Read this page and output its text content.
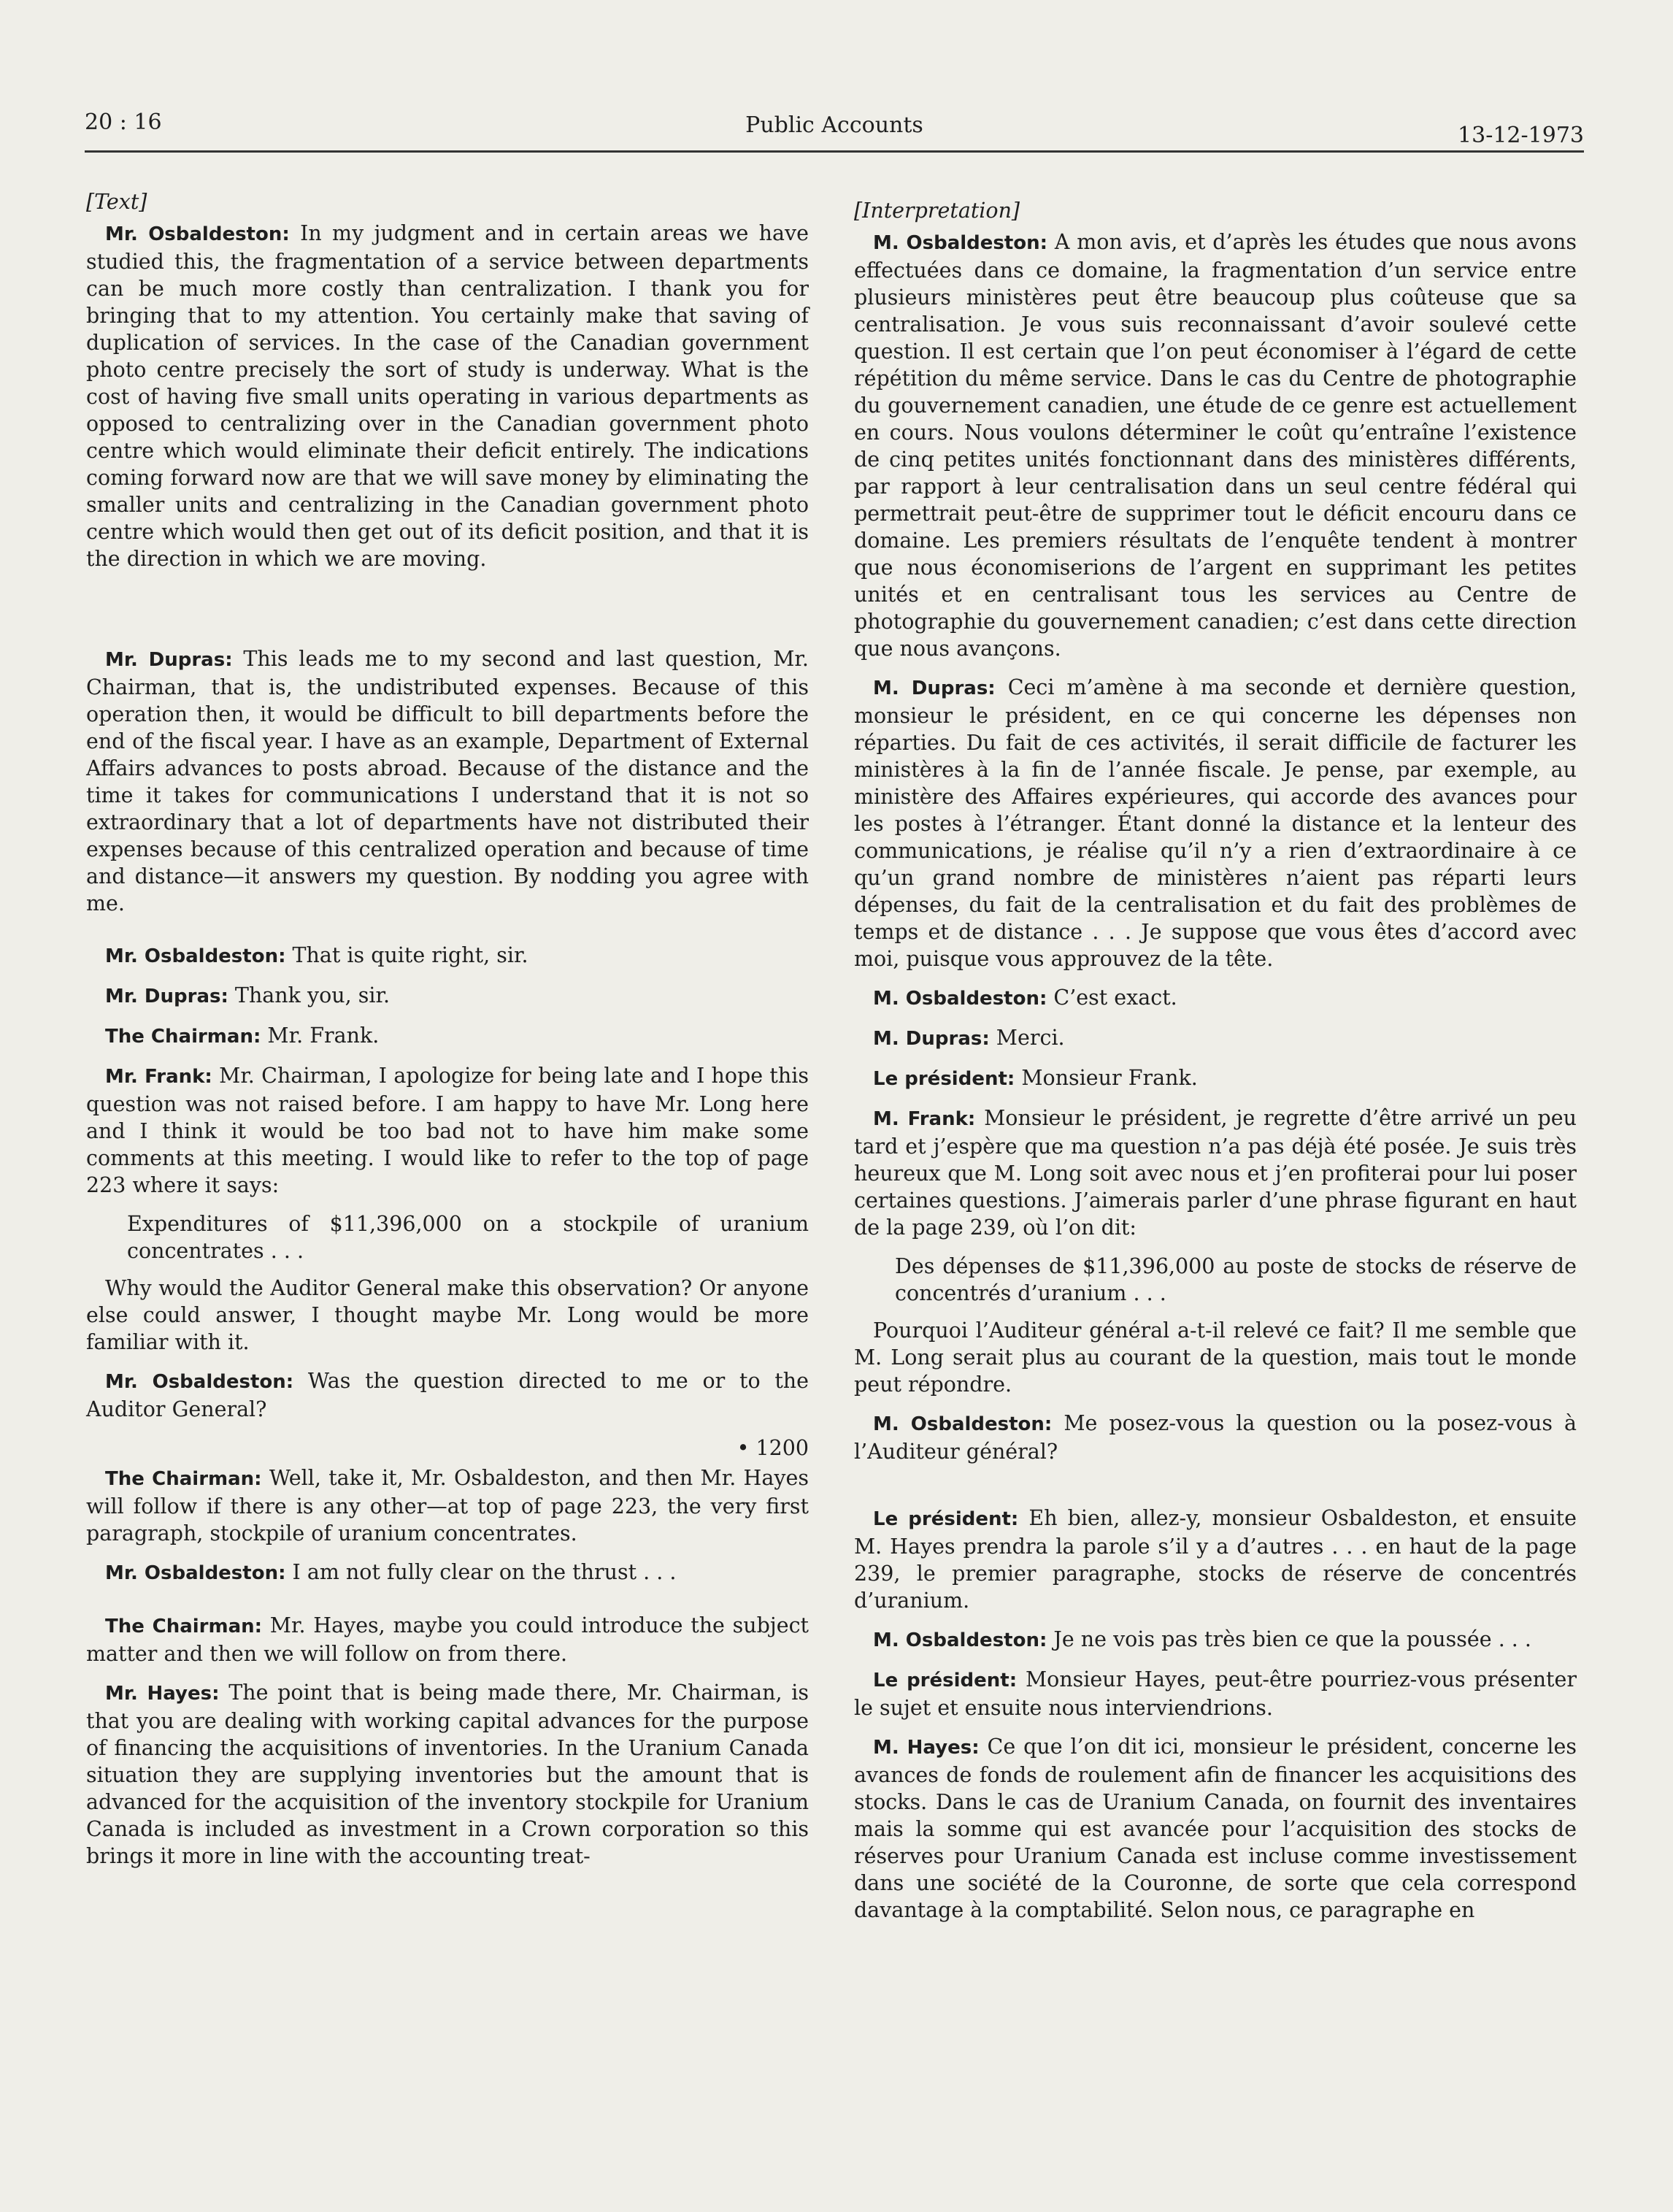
20 : 16	Public Accounts	13-12-1973

[Text]

Mr. Osbaldeston: In my judgment and in certain areas we have studied this, the fragmentation of a service between departments can be much more costly than centralization. I thank you for bringing that to my attention. You certainly make that saving of duplication of services. In the case of the Canadian government photo centre precisely the sort of study is underway. What is the cost of having five small units operating in various departments as opposed to centralizing over in the Canadian government photo centre which would eliminate their deficit entirely. The indications coming forward now are that we will save money by eliminating the smaller units and centralizing in the Canadian government photo centre which would then get out of its deficit position, and that it is the direction in which we are moving.

Mr. Dupras: This leads me to my second and last question, Mr. Chairman, that is, the undistributed expenses. Because of this operation then, it would be difficult to bill departments before the end of the fiscal year. I have as an example, Department of External Affairs advances to posts abroad. Because of the distance and the time it takes for communications I understand that it is not so extraordinary that a lot of departments have not distributed their expenses because of this centralized operation and because of time and distance—it answers my question. By nodding you agree with me.

Mr. Osbaldeston: That is quite right, sir.

Mr. Dupras: Thank you, sir.

The Chairman: Mr. Frank.

Mr. Frank: Mr. Chairman, I apologize for being late and I hope this question was not raised before. I am happy to have Mr. Long here and I think it would be too bad not to have him make some comments at this meeting. I would like to refer to the top of page 223 where it says:

Expenditures of $11,396,000 on a stockpile of uranium concentrates . . .

Why would the Auditor General make this observation? Or anyone else could answer, I thought maybe Mr. Long would be more familiar with it.

Mr. Osbaldeston: Was the question directed to me or to the Auditor General?

• 1200

The Chairman: Well, take it, Mr. Osbaldeston, and then Mr. Hayes will follow if there is any other—at top of page 223, the very first paragraph, stockpile of uranium concentrates.

Mr. Osbaldeston: I am not fully clear on the thrust . . .

The Chairman: Mr. Hayes, maybe you could introduce the subject matter and then we will follow on from there.

Mr. Hayes: The point that is being made there, Mr. Chairman, is that you are dealing with working capital advances for the purpose of financing the acquisitions of inventories. In the Uranium Canada situation they are supplying inventories but the amount that is advanced for the acquisition of the inventory stockpile for Uranium Canada is included as investment in a Crown corporation so this brings it more in line with the accounting treat-

[Interpretation]

M. Osbaldeston: A mon avis, et d’après les études que nous avons effectuées dans ce domaine, la fragmentation d’un service entre plusieurs ministères peut être beaucoup plus coûteuse que sa centralisation. Je vous suis reconnaissant d’avoir soulevé cette question. Il est certain que l’on peut économiser à l’égard de cette répétition du même service. Dans le cas du Centre de photographie du gouvernement canadien, une étude de ce genre est actuellement en cours. Nous voulons déterminer le coût qu’entraîne l’existence de cinq petites unités fonctionnant dans des ministères différents, par rapport à leur centralisation dans un seul centre fédéral qui permettrait peut-être de supprimer tout le déficit encouru dans ce domaine. Les premiers résultats de l’enquête tendent à montrer que nous économiserions de l’argent en supprimant les petites unités et en centralisant tous les services au Centre de photographie du gouvernement canadien; c’est dans cette direction que nous avançons.

M. Dupras: Ceci m’amène à ma seconde et dernière question, monsieur le président, en ce qui concerne les dépenses non réparties. Du fait de ces activités, il serait difficile de facturer les ministères à la fin de l’année fiscale. Je pense, par exemple, au ministère des Affaires expérieures, qui accorde des avances pour les postes à l’étranger. Étant donné la distance et la lenteur des communications, je réalise qu’il n’y a rien d’extraordinaire à ce qu’un grand nombre de ministères n’aient pas réparti leurs dépenses, du fait de la centralisation et du fait des problèmes de temps et de distance . . . Je suppose que vous êtes d’accord avec moi, puisque vous approuvez de la tête.

M. Osbaldeston: C’est exact.

M. Dupras: Merci.

Le président: Monsieur Frank.

M. Frank: Monsieur le président, je regrette d’être arrivé un peu tard et j’espère que ma question n’a pas déjà été posée. Je suis très heureux que M. Long soit avec nous et j’en profiterai pour lui poser certaines questions. J’aimerais parler d’une phrase figurant en haut de la page 239, où l’on dit:

Des dépenses de $11,396,000 au poste de stocks de réserve de concentrés d’uranium . . .

Pourquoi l’Auditeur général a-t-il relevé ce fait? Il me semble que M. Long serait plus au courant de la question, mais tout le monde peut répondre.

M. Osbaldeston: Me posez-vous la question ou la posez-vous à l’Auditeur général?

Le président: Eh bien, allez-y, monsieur Osbaldeston, et ensuite M. Hayes prendra la parole s’il y a d’autres . . . en haut de la page 239, le premier paragraphe, stocks de réserve de concentrés d’uranium.

M. Osbaldeston: Je ne vois pas très bien ce que la poussée . . .

Le président: Monsieur Hayes, peut-être pourriez-vous présenter le sujet et ensuite nous interviendrions.

M. Hayes: Ce que l’on dit ici, monsieur le président, concerne les avances de fonds de roulement afin de financer les acquisitions des stocks. Dans le cas de Uranium Canada, on fournit des inventaires mais la somme qui est avancée pour l’acquisition des stocks de réserves pour Uranium Canada est incluse comme investissement dans une société de la Couronne, de sorte que cela correspond davantage à la comptabilité. Selon nous, ce paragraphe en
